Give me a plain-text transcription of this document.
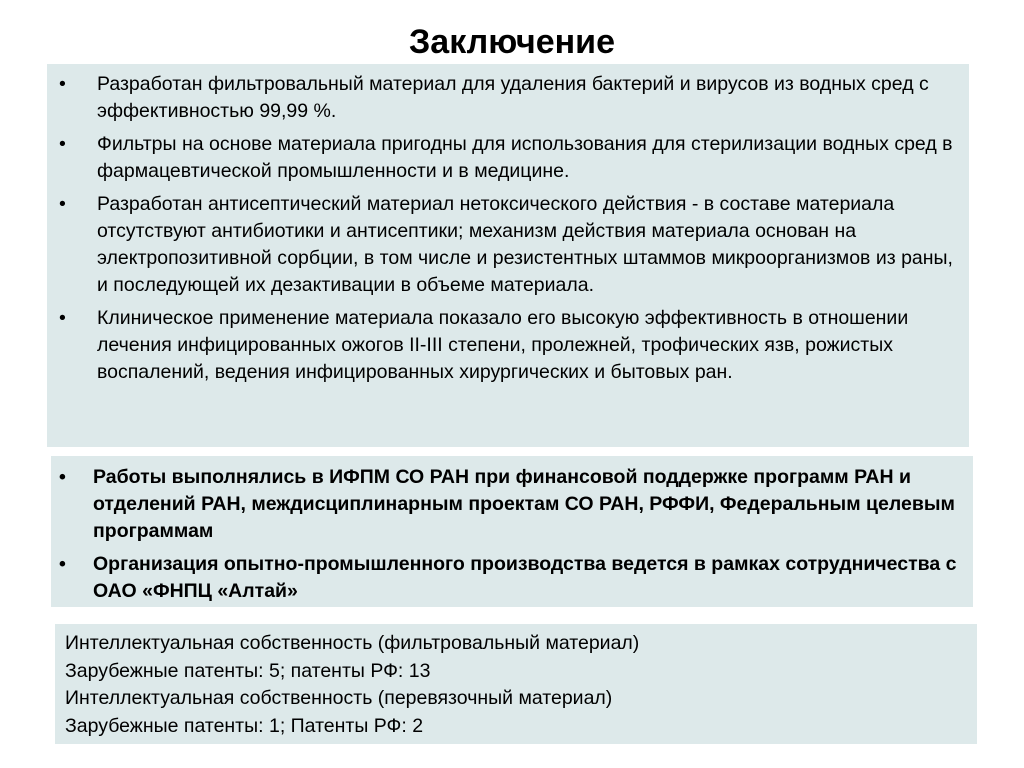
Заключение
• Разработан фильтровальный материал для удаления бактерий и вирусов из водных сред с эффективностью 99,99 %.
• Фильтры на основе материала пригодны для использования для стерилизации водных сред в фармацевтической промышленности и в медицине.
• Разработан антисептический материал нетоксического действия - в составе материала отсутствуют антибиотики и антисептики; механизм действия материала основан на электропозитивной сорбции, в том числе и резистентных штаммов микроорганизмов из раны, и последующей их дезактивации в объеме материала.
• Клиническое применение материала показало его высокую эффективность в отношении лечения инфицированных ожогов II-III степени, пролежней, трофических язв, рожистых воспалений, ведения инфицированных хирургических и бытовых ран.
• Работы выполнялись в ИФПМ СО РАН при финансовой поддержке программ РАН и отделений РАН, междисциплинарным проектам СО РАН, РФФИ, Федеральным целевым программам
• Организация опытно-промышленного производства ведется в рамках сотрудничества с ОАО «ФНПЦ «Алтай»
Интеллектуальная собственность (фильтровальный материал)
Зарубежные патенты: 5; патенты РФ: 13
Интеллектуальная собственность (перевязочный материал)
Зарубежные патенты: 1; Патенты РФ: 2
